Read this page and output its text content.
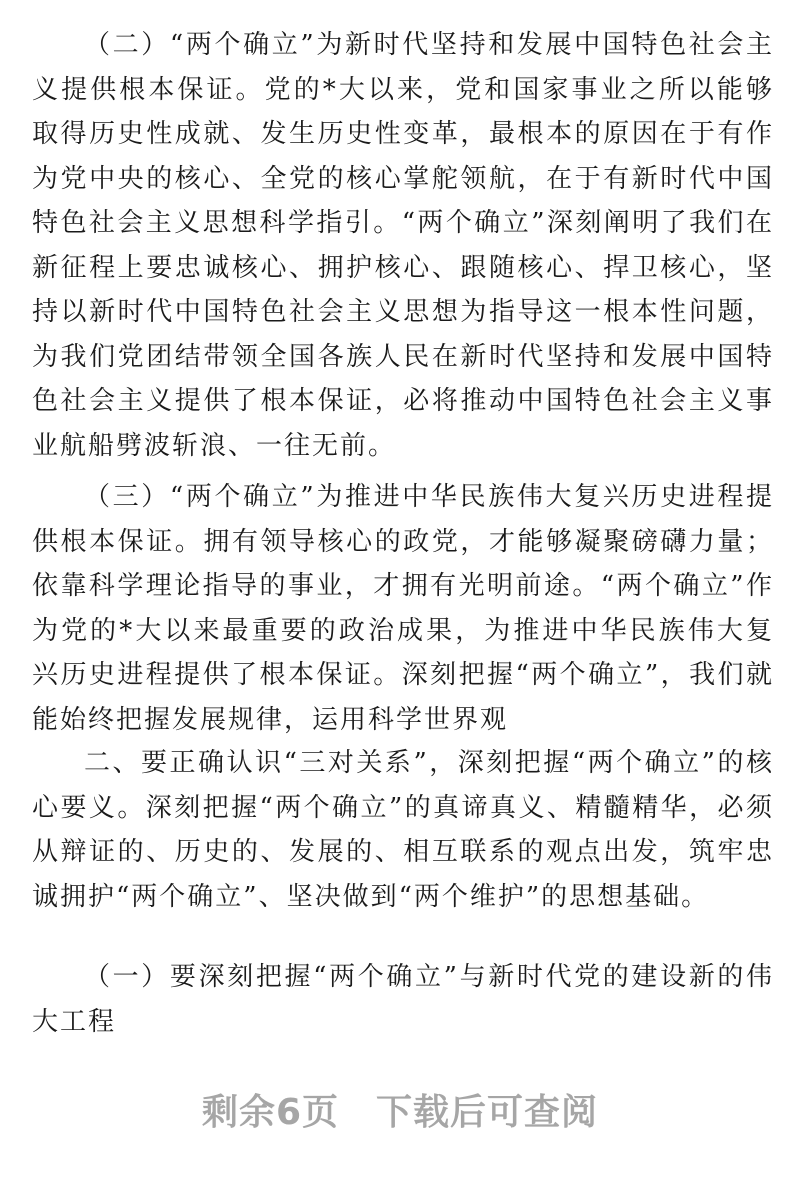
（二）“两个确立”为新时代坚持和发展中国特色社会主义提供根本保证。党的*大以来，党和国家事业之所以能够取得历史性成就、发生历史性变革，最根本的原因在于有作为党中央的核心、全党的核心掌舵领航，在于有新时代中国特色社会主义思想科学指引。“两个确立”深刻阐明了我们在新征程上要忠诚核心、拥护核心、跟随核心、捍卫核心，坚持以新时代中国特色社会主义思想为指导这一根本性问题，为我们党团结带领全国各族人民在新时代坚持和发展中国特色社会主义提供了根本保证，必将推动中国特色社会主义事业航船劈波斩浪、一往无前。

（三）“两个确立”为推进中华民族伟大复兴历史进程提供根本保证。拥有领导核心的政党，才能够凝聚磅礴力量；依靠科学理论指导的事业，才拥有光明前途。“两个确立”作为党的*大以来最重要的政治成果，为推进中华民族伟大复兴历史进程提供了根本保证。深刻把握“两个确立”，我们就能始终把握发展规律，运用科学世界观

二、要正确认识“三对关系”，深刻把握“两个确立”的核心要义。深刻把握“两个确立”的真谛真义、精髓精华，必须从辩证的、历史的、发展的、相互联系的观点出发，筑牢忠诚拥护“两个确立”、坚决做到“两个维护”的思想基础。

（一）要深刻把握“两个确立”与新时代党的建设新的伟大工程

剩余6页　下载后可查阅
